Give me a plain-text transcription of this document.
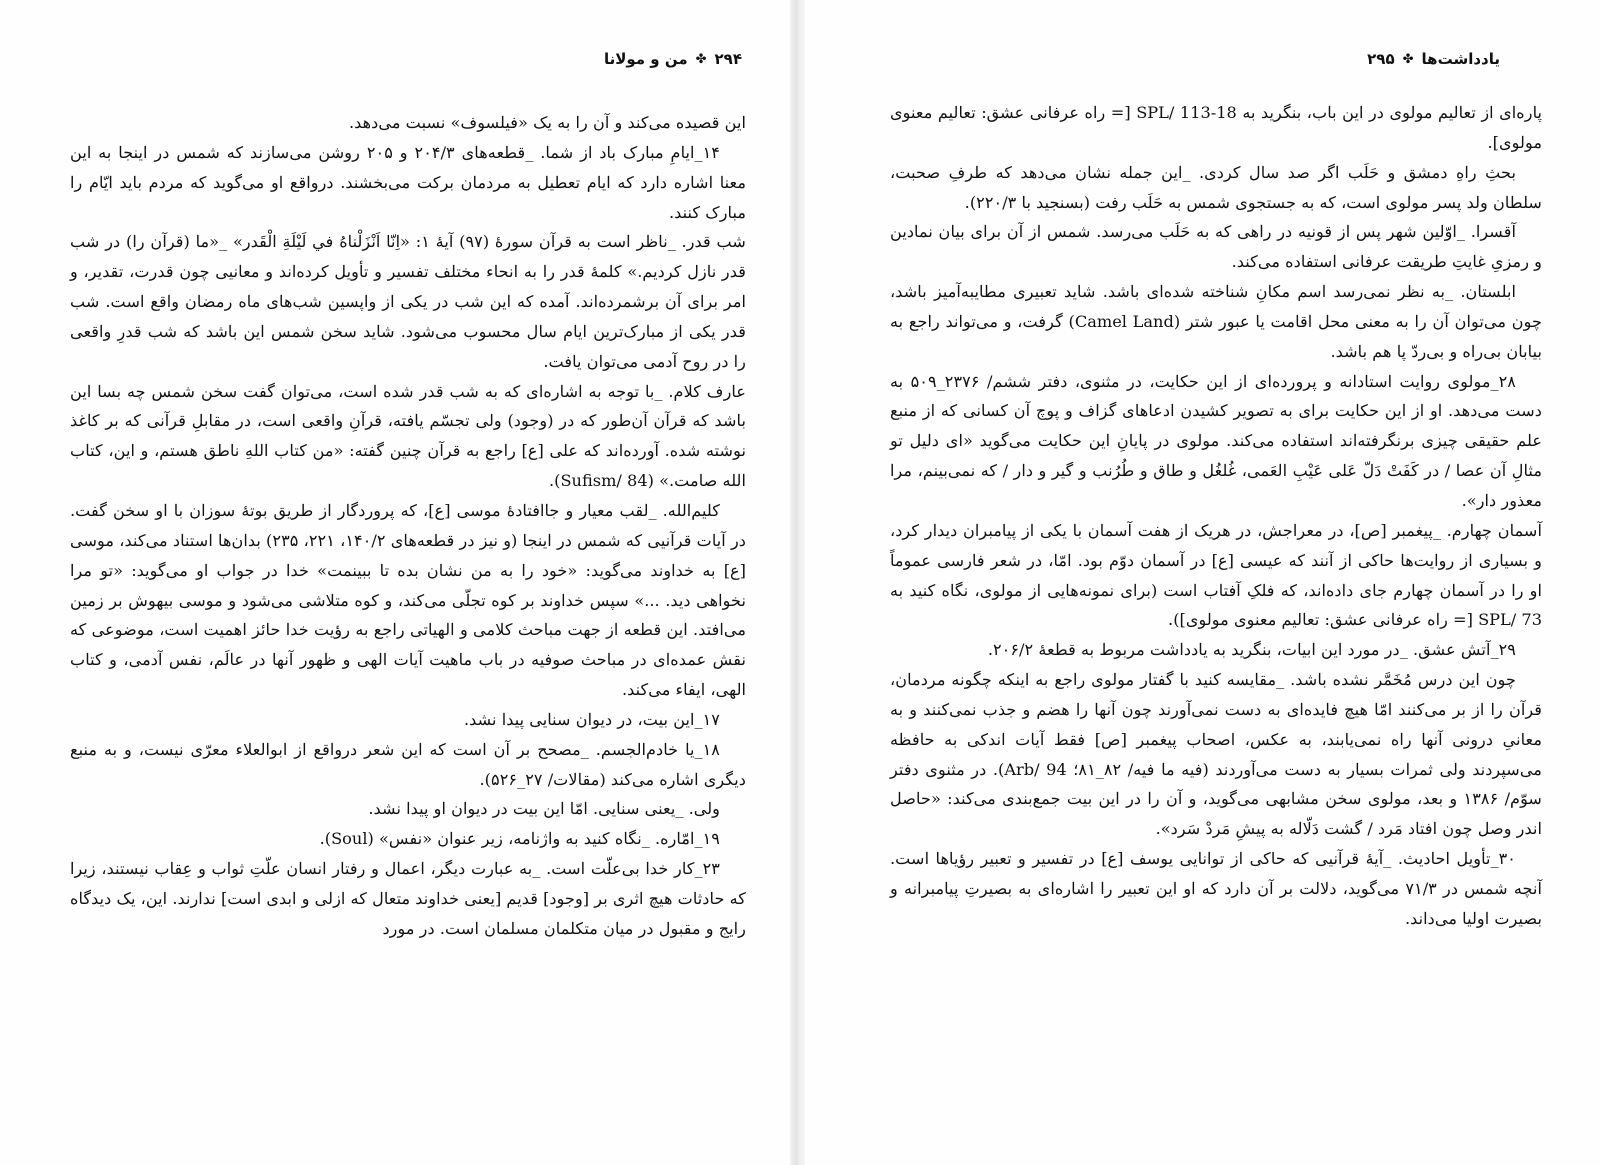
۲۹۴
✤
من و مولانا

این قصیده می‌کند و آن را به یک «فیلسوف» نسبت می‌دهد.

۱۴_ایامِ مبارک باد از شما. _قطعه‌های ۲۰۴/۳ و ۲۰۵ روشن می‌سازند که شمس در اینجا به این معنا اشاره دارد که ایام تعطیل به مردمان برکت می‌بخشند. درواقع او می‌گوید که مردم باید ایّام را مبارک کنند.

شب قدر. _ناظر است به قرآن سورهٔ (۹۷) آیهٔ ۱: «اِنّا اَنْزَلْناهُ في لَیْلَةِ الْقَدر» _«ما (قرآن را) در شب قدر نازل کردیم.» کلمهٔ قدر را به انحاء مختلف تفسیر و تأویل کرده‌اند و معانیی چون قدرت، تقدیر، و امر برای آن برشمرده‌اند. آمده که این شب در یکی از واپسین شب‌های ماه رمضان واقع است. شب قدر یکی از مبارک‌ترین ایام سال محسوب می‌شود. شاید سخن شمس این باشد که شب قدرِ واقعی را در روح آدمی می‌توان یافت.

عارف کلام. _با توجه به اشاره‌ای که به شب قدر شده است، می‌توان گفت سخن شمس چه بسا این باشد که قرآن آن‌طور که در (وجود) ولی تجسّم یافته، قرآنِ واقعی است، در مقابلِ قرآنی که بر کاغذ نوشته شده. آورده‌اند که علی [ع] راجع به قرآن چنین گفته: «من کتاب اللهِ ناطق هستم، و این، کتاب الله صامت.» (Sufism/ 84).

کلیم‌الله. _لقب معیار و جاافتادهٔ موسی [ع]، که پروردگار از طریق بوتهٔ سوزان با او سخن گفت. در آیات قرآنیی که شمس در اینجا (و نیز در قطعه‌های ۱۴۰/۲، ۲۲۱، ۲۳۵) بدان‌ها استناد می‌کند، موسی [ع] به خداوند می‌گوید: «خود را به من نشان بده تا ببینمت» خدا در جواب او می‌گوید: «تو مرا نخواهی دید. ...» سپس خداوند بر کوه تجلّی می‌کند، و کوه متلاشی می‌شود و موسی بیهوش بر زمین می‌افتد. این قطعه از جهت مباحث کلامی و الهیاتی راجع به رؤیت خدا حائز اهمیت است، موضوعی که نقش عمده‌ای در مباحث صوفیه در باب ماهیت آیات الهی و ظهور آنها در عالَم، نفس آدمی، و کتاب الهی، ایفاء می‌کند.

۱۷_این بیت، در دیوان سنایی پیدا نشد.

۱۸_یا خادم‌الجسم. _مصحح بر آن است که این شعر درواقع از ابوالعلاء معرّی نیست، و به منبع دیگری اشاره می‌کند (مقالات/ ۲۷_۵۲۶).

ولی. _یعنی سنایی. امّا این بیت در دیوان او پیدا نشد.

۱۹_امّاره. _نگاه کنید به واژنامه، زیر عنوان «نفس» (Soul).

۲۳_کار خدا بی‌علّت است. _به عبارت دیگر، اعمال و رفتار انسان علّتِ ثواب و عِقاب نیستند، زیرا که حادثات هیچ اثری بر [وجود] قدیم [یعنی خداوند متعال که ازلی و ابدی است] ندارند. این، یک دیدگاه رایج و مقبول در میان متکلمان مسلمان است. در مورد

یادداشت‌ها
✤
۲۹۵

پاره‌ای از تعالیم مولوی در این باب، بنگرید به SPL/ 113-18 [= راه عرفانی عشق: تعالیم معنوی مولوی].

بحثِ راهِ دمشق و حَلَب اگر صد سال کردی. _این جمله نشان می‌دهد که طرفِ صحبت، سلطان ولد پسر مولوی است، که به جستجوی شمس به حَلَب رفت (بسنجید با ۲۲۰/۳).

آقسرا. _اوّلین شهر پس از قونیه در راهی که به حَلَب می‌رسد. شمس از آن برای بیان نمادین و رمزیِ غایتِ طریقت عرفانی استفاده می‌کند.

ابلستان. _به نظر نمی‌رسد اسم مکانِ شناخته شده‌ای باشد. شاید تعبیری مطایبه‌آمیز باشد، چون می‌توان آن را به معنی محل اقامت یا عبور شتر (Camel Land) گرفت، و می‌تواند راجع به بیابان بی‌راه و بی‌ردّ پا هم باشد.

۲۸_مولوی روایت استادانه و پرورده‌ای از این حکایت، در مثنوی، دفتر ششم/ ۲۳۷۶_۵۰۹ به دست می‌دهد. او از این حکایت برای به تصویر کشیدن ادعاهای گزاف و پوچ آن کسانی که از منبع علم حقیقی چیزی برنگرفته‌اند استفاده می‌کند. مولوی در پایانِ این حکایت می‌گوید «ای دلیل تو مثالِ آن عصا / در کَفَتْ دَلّ عَلی عَیْبِ العَمی، غُلغُل و طاق و طُرُنب و گیر و دار / که نمی‌بینم، مرا معذور دار».

آسمان چهارم. _پیغمبر [ص]، در معراجش، در هریک از هفت آسمان با یکی از پیامبران دیدار کرد، و بسیاری از روایت‌ها حاکی از آنند که عیسی [ع] در آسمان دوّم بود. امّا، در شعر فارسی عموماً او را در آسمان چهارم جای داده‌اند، که فلکِ آفتاب است (برای نمونه‌هایی از مولوی، نگاه کنید به SPL/ 73 [= راه عرفانی عشق: تعالیم معنوی مولوی]).

۲۹_آتش عشق. _در مورد این ابیات، بنگرید به یادداشت مربوط به قطعهٔ ۲۰۶/۲.

چون این درس مُخَمَّر نشده باشد. _مقایسه کنید با گفتار مولوی راجع به اینکه چگونه مردمان، قرآن را از بر می‌کنند امّا هیچ فایده‌ای به دست نمی‌آورند چون آنها را هضم و جذب نمی‌کنند و به معانیِ درونی آنها راه نمی‌یابند، به عکس، اصحاب پیغمبر [ص] فقط آیات اندکی به حافظه می‌سپردند ولی ثمرات بسیار به دست می‌آوردند (فیه ما فیه/ ۸۲_۸۱؛ Arb/ 94). در مثنوی دفتر سوّم/ ۱۳۸۶ و بعد، مولوی سخن مشابهی می‌گوید، و آن را در این بیت جمع‌بندی می‌کند: «حاصل اندر وصل چون افتاد مَرد / گشت دَلّاله به پیشِ مَردْ سَرد».

۳۰_تأویل احادیث. _آیهٔ قرآنیی که حاکی از توانایی یوسف [ع] در تفسیر و تعبیر رؤیاها است. آنچه شمس در ۷۱/۳ می‌گوید، دلالت بر آن دارد که او این تعبیر را اشاره‌ای به بصیرتِ پیامبرانه و بصیرت اولیا می‌داند.
